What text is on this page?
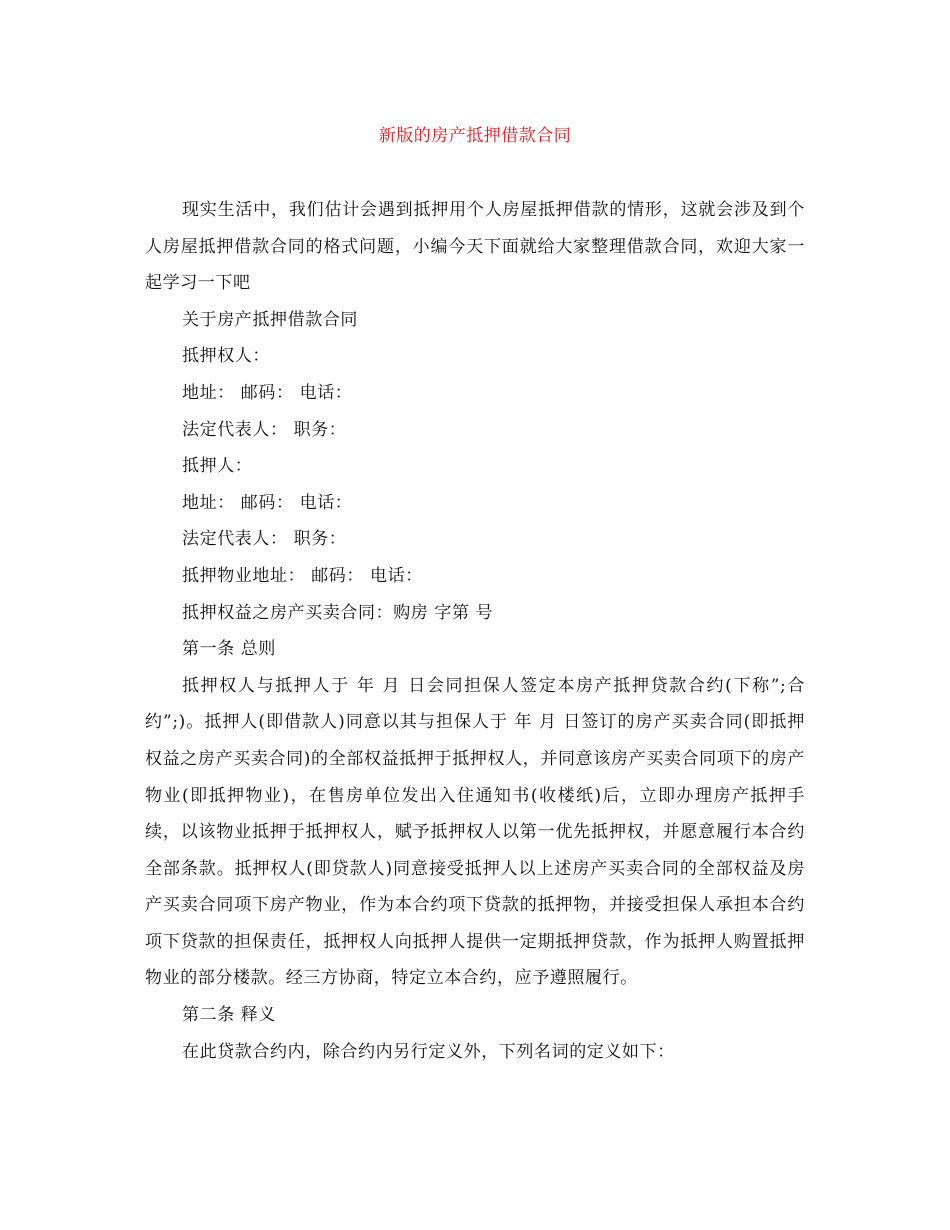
新版的房产抵押借款合同

现实生活中，我们估计会遇到抵押用个人房屋抵押借款的情形，这就会涉及到个人房屋抵押借款合同的格式问题，小编今天下面就给大家整理借款合同，欢迎大家一起学习一下吧

关于房产抵押借款合同

抵押权人：

地址： 邮码： 电话：

法定代表人： 职务：

抵押人：

地址： 邮码： 电话：

法定代表人： 职务：

抵押物业地址： 邮码： 电话：

抵押权益之房产买卖合同：购房 字第 号

第一条 总则

抵押权人与抵押人于 年 月 日会同担保人签定本房产抵押贷款合约(下称”;合约”;)。抵押人(即借款人)同意以其与担保人于 年 月 日签订的房产买卖合同(即抵押权益之房产买卖合同)的全部权益抵押于抵押权人，并同意该房产买卖合同项下的房产物业(即抵押物业)，在售房单位发出入住通知书(收楼纸)后，立即办理房产抵押手续，以该物业抵押于抵押权人，赋予抵押权人以第一优先抵押权，并愿意履行本合约全部条款。抵押权人(即贷款人)同意接受抵押人以上述房产买卖合同的全部权益及房产买卖合同项下房产物业，作为本合约项下贷款的抵押物，并接受担保人承担本合约项下贷款的担保责任，抵押权人向抵押人提供一定期抵押贷款，作为抵押人购置抵押物业的部分楼款。经三方协商，特定立本合约，应予遵照履行。

第二条 释义

在此贷款合约内，除合约内另行定义外，下列名词的定义如下：
